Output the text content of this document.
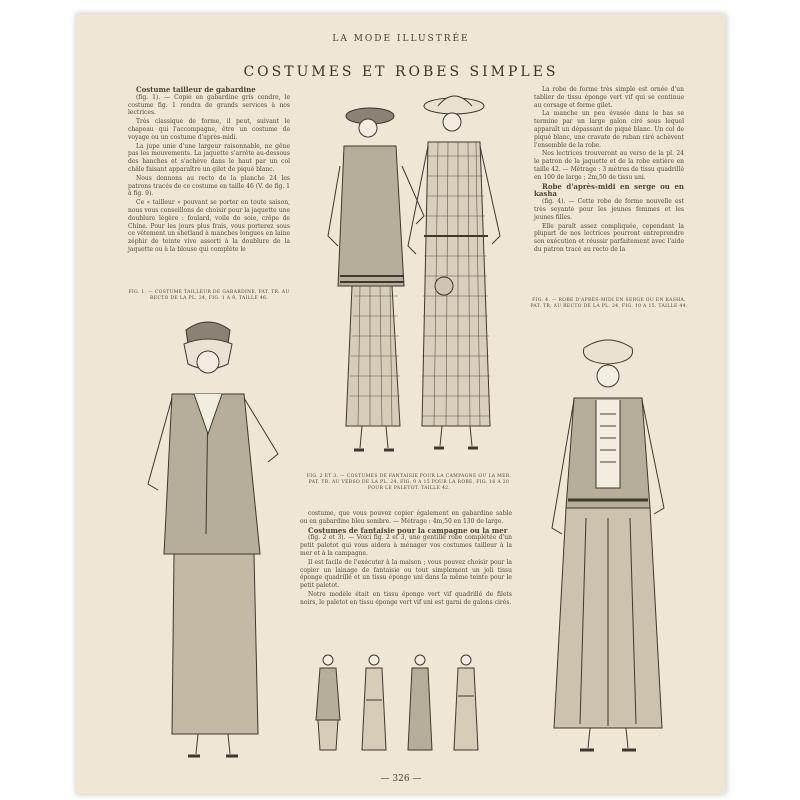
LA MODE ILLUSTRÉE
COSTUMES ET ROBES SIMPLES
Costume tailleur de gabardine

(fig. 1). — Copié en gabardine gris cendre, le costume fig. 1 rendra de grands services à nos lectrices.

Très classique de forme, il peut, suivant le chapeau qui l'accompagne, être un costume de voyage ou un costume d'après-midi.

La jupe unie d'une largeur raisonnable, ne gêne pas les mouvements. La jaquette s'arrête au-dessous des hanches et s'achève dans le haut par un col châle faisant apparaître un gilet de piqué blanc.

Nous donnons au recto de la planche 24 les patrons tracés de ce costume en taille 46 (V. de fig. 1 à fig. 9).

Ce « tailleur » pouvant se porter en toute saison, nous vous conseillons de choisir pour la jaquette une doublure légère : foulard, voile de soie, crêpe de Chine. Pour les jours plus frais, vous porterez sous ce vêtement un shetland à manches longues en laine zéphir de teinte vive assorti à la doublure de la jaquette ou à la blouse qui complète le

FIG. 1. — COSTUME TAILLEUR DE GABARDINE. PAT. TR. AU RECTO DE LA PL. 24, FIG. 1 A 9, TAILLE 46.

La robe de forme très simple est ornée d'un tablier de tissu éponge vert vif qui se continue au corsage et forme gilet.

La manche un peu évasée dans le bas se termine par un large galon ciré sous lequel apparaît un dépassant de piqué blanc. Un col de piqué blanc, une cravate de ruban ciré achèvent l'ensemble de la robe.

Nos lectrices trouveront au verso de la pl. 24 le patron de la jaquette et de la robe entière en taille 42. — Métrage : 3 mètres de tissu quadrillé en 100 de large ; 2m,50 de tissu uni.

Robe d'après-midi en serge ou en kasha

(fig. 4). — Cette robe de forme nouvelle est très seyante pour les jeunes femmes et les jeunes filles.

Elle paraît assez compliquée, cependant la plupart de nos lectrices pourront entreprendre son exécution et réussir parfaitement avec l'aide du patron tracé au recto de la

FIG. 4. — ROBE D'APRÈS-MIDI EN SERGE OU EN KASHA. PAT. TR. AU RECTO DE LA PL. 24, FIG. 10 A 15. TAILLE 44.
FIG. 2 ET 3. — COSTUMES DE FANTAISIE POUR LA CAMPAGNE OU LA MER. PAT. TR. AU VERSO DE LA PL. 24, FIG. 9 A 15 POUR LA ROBE, FIG. 16 A 20 POUR LE PALETOT. TAILLE 42.

costume, que vous pouvez copier également en gabardine sable ou en gabardine bleu sombre. — Métrage : 4m,50 en 130 de large.

Costumes de fantaisie pour la campagne ou la mer

(fig. 2 et 3). — Voici fig. 2 et 3, une gentille robe complétée d'un petit paletot qui vous aidera à ménager vos costumes tailleur à la mer et à la campagne.

Il est facile de l'exécuter à la maison ; vous pouvez choisir pour la copier un lainage de fantaisie ou tout simplement un joli tissu éponge quadrillé et un tissu éponge uni dans la même teinte pour le petit paletot.

Notre modèle était en tissu éponge vert vif quadrillé de filets noirs, le paletot en tissu éponge vert vif uni est garni de galons cirés.

— 326 —
